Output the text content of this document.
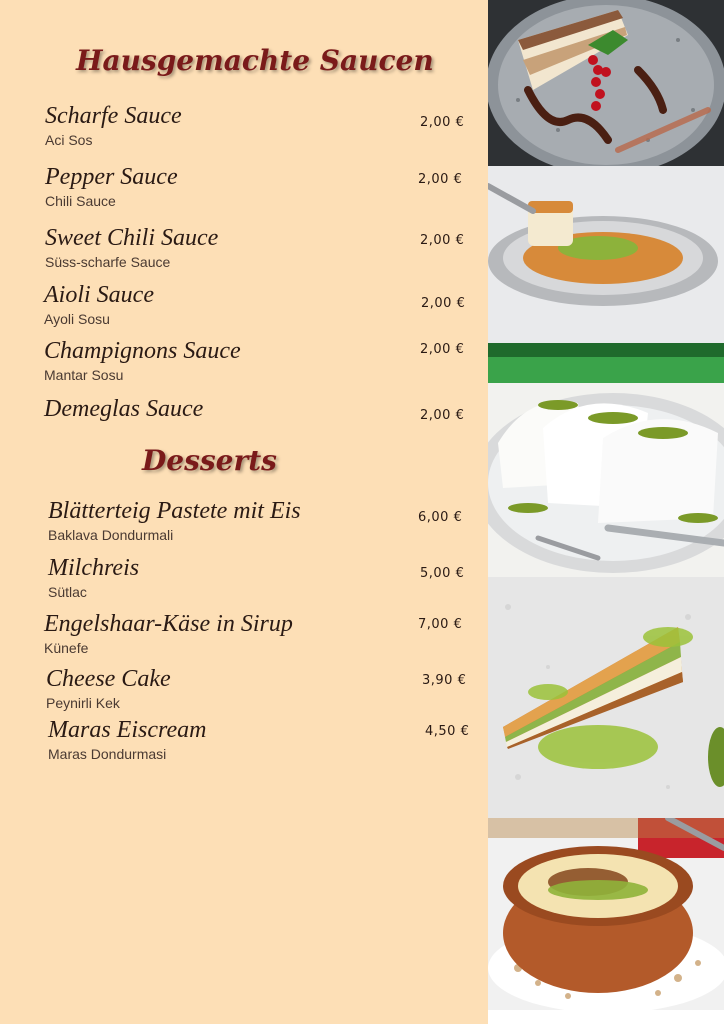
Hausgemachte Saucen
Scharfe Sauce
Aci Sos
2,00 €
Pepper Sauce
Chili Sauce
2,00 €
Sweet Chili Sauce
Süss-scharfe Sauce
2,00 €
Aioli Sauce
Ayoli Sosu
2,00 €
Champignons Sauce
Mantar Sosu
2,00 €
Demeglas Sauce	2,00 €
Desserts
Blätterteig Pastete mit Eis
Baklava Dondurmali
6,00 €
Milchreis
Sütlac
5,00 €
Engelshaar-Käse in Sirup
Künefe
7,00 €
Cheese Cake
Peynirli Kek
3,90 €
Maras Eiscream
Maras Dondurmasi
4,50 €
